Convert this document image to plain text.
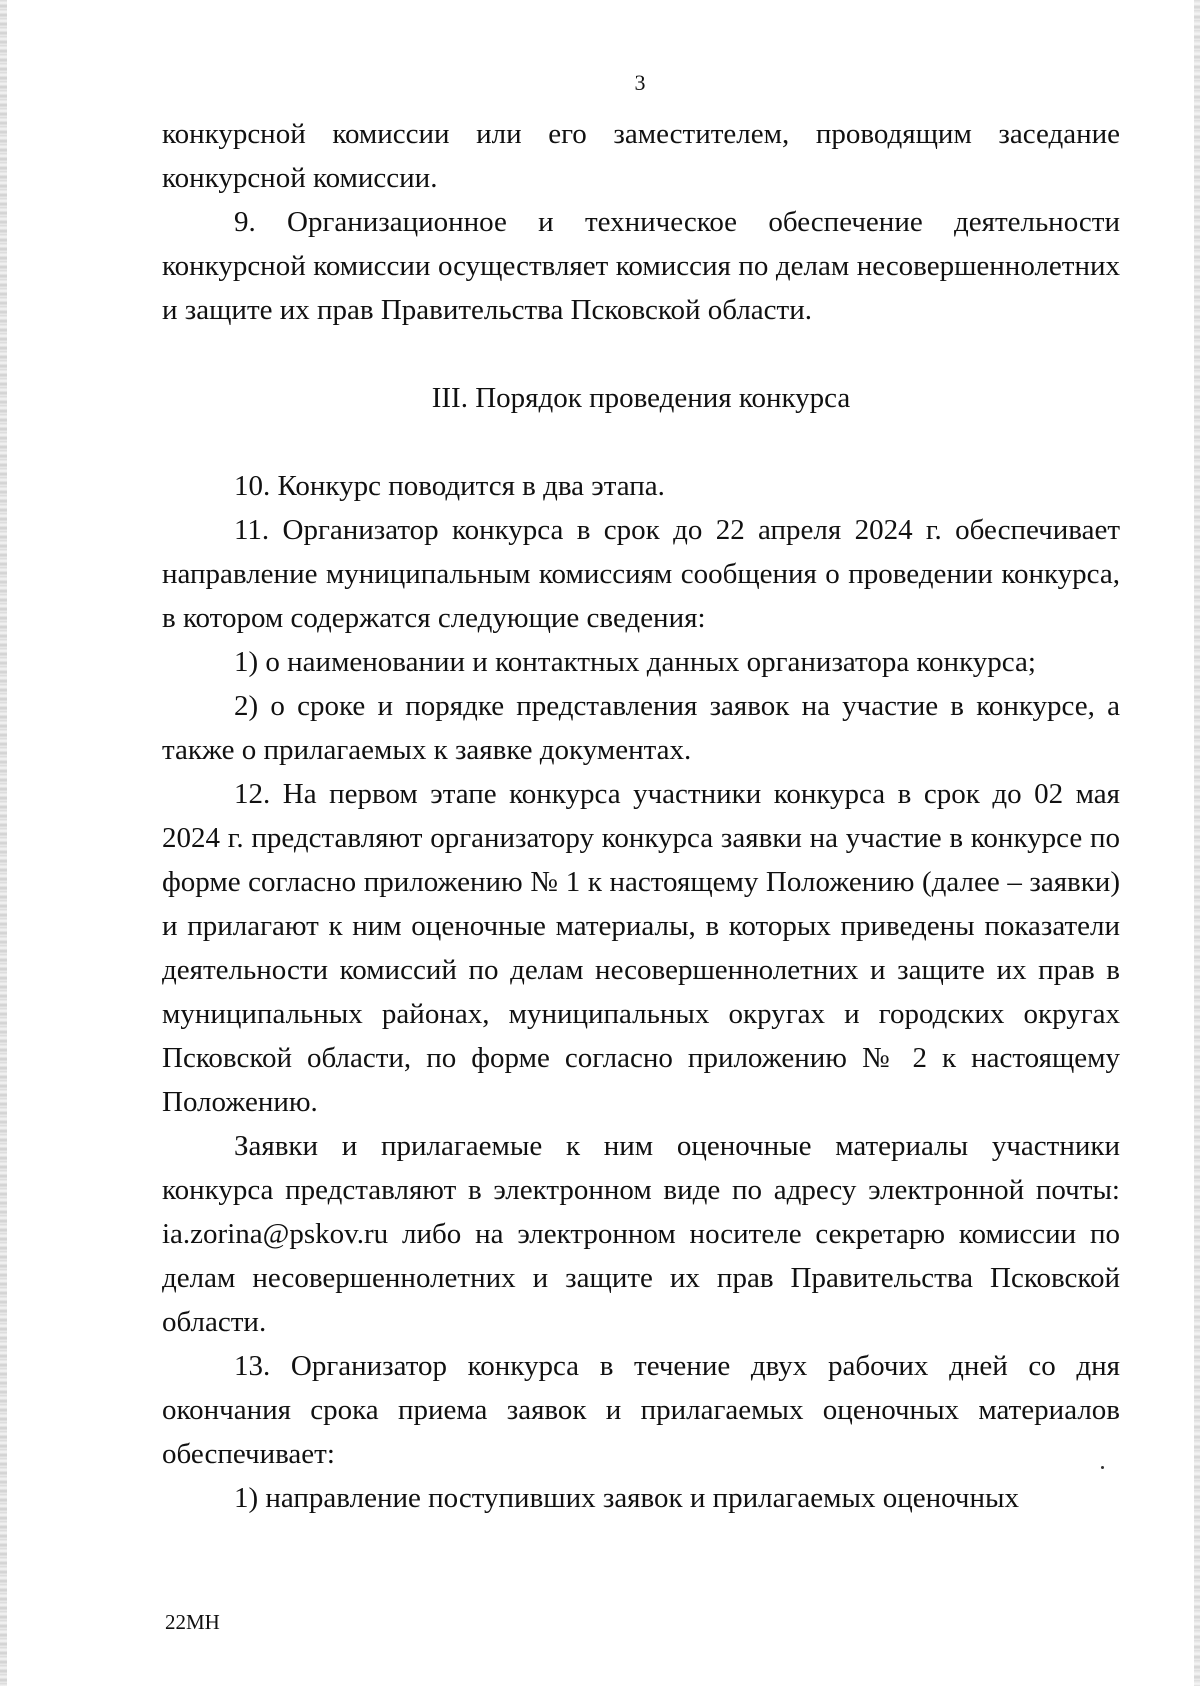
3

конкурсной комиссии или его заместителем, проводящим заседание конкурсной комиссии.

9. Организационное и техническое обеспечение деятельности конкурсной комиссии осуществляет комиссия по делам несовершеннолетних и защите их прав Правительства Псковской области.

III. Порядок проведения конкурса

10. Конкурс поводится в два этапа.

11. Организатор конкурса в срок до 22 апреля 2024 г. обеспечивает направление муниципальным комиссиям сообщения о проведении конкурса, в котором содержатся следующие сведения:

1) о наименовании и контактных данных организатора конкурса;

2) о сроке и порядке представления заявок на участие в конкурсе, а также о прилагаемых к заявке документах.

12. На первом этапе конкурса участники конкурса в срок до 02 мая 2024 г. представляют организатору конкурса заявки на участие в конкурсе по форме согласно приложению № 1 к настоящему Положению (далее – заявки) и прилагают к ним оценочные материалы, в которых приведены показатели деятельности комиссий по делам несовершеннолетних и защите их прав в муниципальных районах, муниципальных округах и городских округах Псковской области, по форме согласно приложению № 2 к настоящему Положению.

Заявки и прилагаемые к ним оценочные материалы участники конкурса представляют в электронном виде по адресу электронной почты: ia.zorina@pskov.ru либо на электронном носителе секретарю комиссии по делам несовершеннолетних и защите их прав Правительства Псковской области.

13. Организатор конкурса в течение двух рабочих дней со дня окончания срока приема заявок и прилагаемых оценочных материалов обеспечивает:

1) направление поступивших заявок и прилагаемых оценочных

22МН
